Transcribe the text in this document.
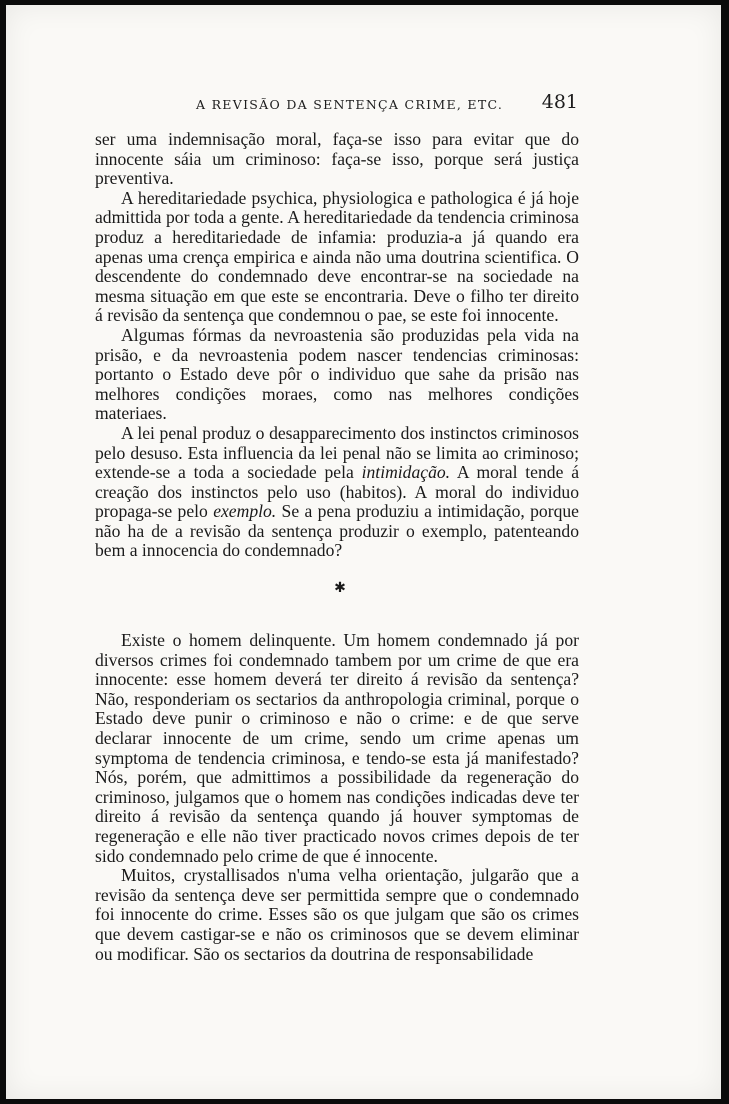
A REVISÃO DA SENTENÇA CRIME, ETC. 481

ser uma indemnisação moral, faça-se isso para evitar que do innocente sáia um criminoso: faça-se isso, porque será justiça preventiva.

A hereditariedade psychica, physiologica e pathologica é já hoje admittida por toda a gente. A hereditariedade da tendencia criminosa produz a hereditariedade de infamia: produzia-a já quando era apenas uma crença empirica e ainda não uma doutrina scientifica. O descendente do condemnado deve encontrar-se na sociedade na mesma situação em que este se encontraria. Deve o filho ter direito á revisão da sentença que condemnou o pae, se este foi innocente.

Algumas fórmas da nevroastenia são produzidas pela vida na prisão, e da nevroastenia podem nascer tendencias criminosas: portanto o Estado deve pôr o individuo que sahe da prisão nas melhores condições moraes, como nas melhores condições materiaes.

A lei penal produz o desapparecimento dos instinctos criminosos pelo desuso. Esta influencia da lei penal não se limita ao criminoso; extende-se a toda a sociedade pela intimidação. A moral tende á creação dos instinctos pelo uso (habitos). A moral do individuo propaga-se pelo exemplo. Se a pena produziu a intimidação, porque não ha de a revisão da sentença produzir o exemplo, patenteando bem a innocencia do condemnado?

✱

Existe o homem delinquente. Um homem condemnado já por diversos crimes foi condemnado tambem por um crime de que era innocente: esse homem deverá ter direito á revisão da sentença? Não, responderiam os sectarios da anthropologia criminal, porque o Estado deve punir o criminoso e não o crime: e de que serve declarar innocente de um crime, sendo um crime apenas um symptoma de tendencia criminosa, e tendo-se esta já manifestado? Nós, porém, que admittimos a possibilidade da regeneração do criminoso, julgamos que o homem nas condições indicadas deve ter direito á revisão da sentença quando já houver symptomas de regeneração e elle não tiver practicado novos crimes depois de ter sido condemnado pelo crime de que é innocente.

Muitos, crystallisados n'uma velha orientação, julgarão que a revisão da sentença deve ser permittida sempre que o condemnado foi innocente do crime. Esses são os que julgam que são os crimes que devem castigar-se e não os criminosos que se devem eliminar ou modificar. São os sectarios da doutrina de responsabilidade
